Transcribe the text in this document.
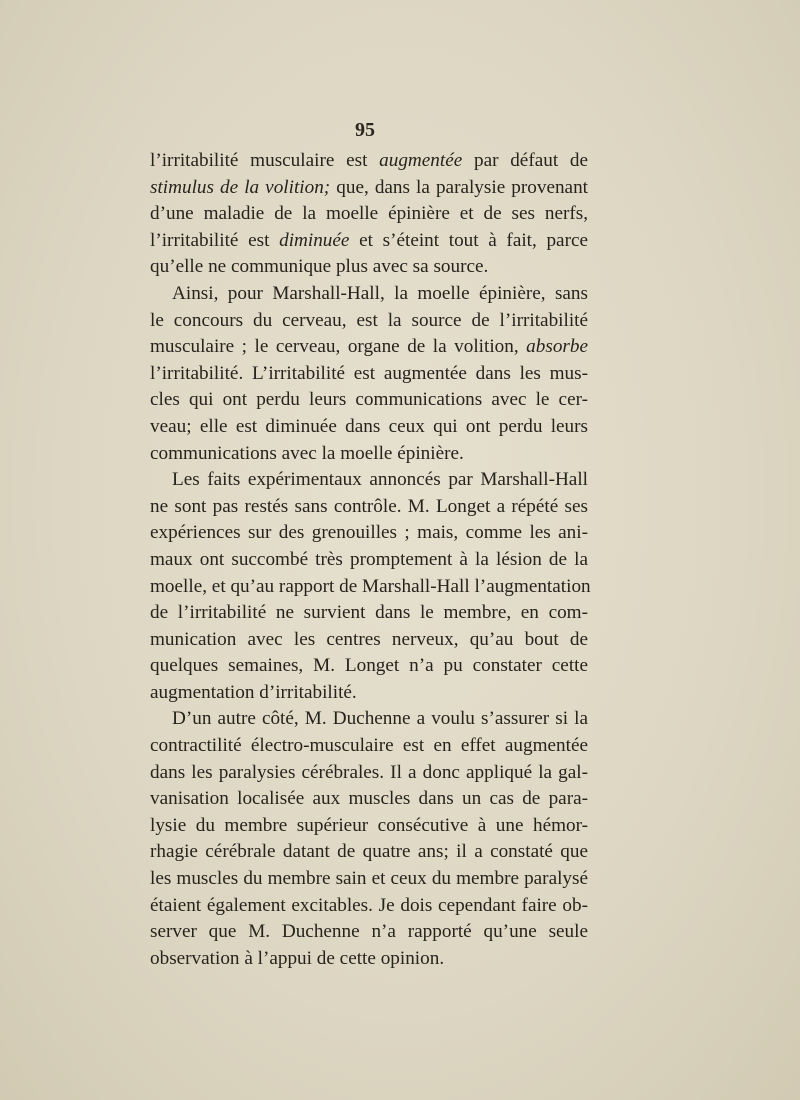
95
l’irritabilité musculaire est augmentée par défaut de
stimulus de la volition; que, dans la paralysie provenant
d’une maladie de la moelle épinière et de ses nerfs,
l’irritabilité est diminuée et s’éteint tout à fait, parce
qu’elle ne communique plus avec sa source.
Ainsi, pour Marshall-Hall, la moelle épinière, sans
le concours du cerveau, est la source de l’irritabilité
musculaire ; le cerveau, organe de la volition, absorbe
l’irritabilité. L’irritabilité est augmentée dans les mus-
cles qui ont perdu leurs communications avec le cer-
veau; elle est diminuée dans ceux qui ont perdu leurs
communications avec la moelle épinière.
Les faits expérimentaux annoncés par Marshall-Hall
ne sont pas restés sans contrôle. M. Longet a répété ses
expériences sur des grenouilles ; mais, comme les ani-
maux ont succombé très promptement à la lésion de la
moelle, et qu’au rapport de Marshall-Hall l’augmentation
de l’irritabilité ne survient dans le membre, en com-
munication avec les centres nerveux, qu’au bout de
quelques semaines, M. Longet n’a pu constater cette
augmentation d’irritabilité.
D’un autre côté, M. Duchenne a voulu s’assurer si la
contractilité électro-musculaire est en effet augmentée
dans les paralysies cérébrales. Il a donc appliqué la gal-
vanisation localisée aux muscles dans un cas de para-
lysie du membre supérieur consécutive à une hémor-
rhagie cérébrale datant de quatre ans; il a constaté que
les muscles du membre sain et ceux du membre paralysé
étaient également excitables. Je dois cependant faire ob-
server que M. Duchenne n’a rapporté qu’une seule
observation à l’appui de cette opinion.
